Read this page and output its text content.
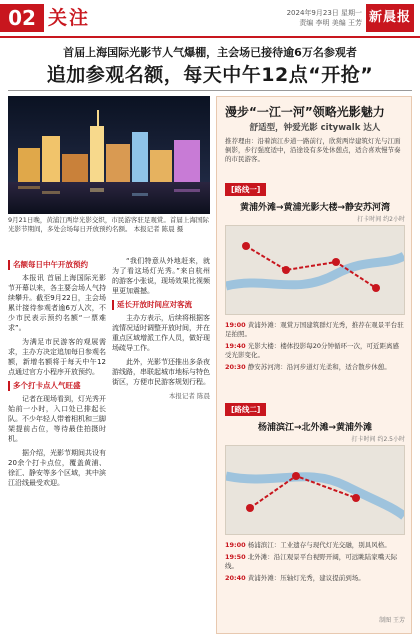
02 关注	2024年9月23日 星期一
责编 李明 美编 王芳 新晨报
首届上海国际光影节人气爆棚，主会场已接待逾6万名参观者
追加参观名额，每天中午12点“开抢”
9月21日晚，黄浦江两岸光影交织，市民游客驻足观赏。首届上海国际光影节期间，多处会场每日开放预约名额。 本报记者 陈晨 摄
名额每日中午开放预约

本报讯 首届上海国际光影节开幕以来，各主要会场人气持续攀升。截至9月22日，主会场累计接待参观者逾6万人次，不少市民表示预约名额“一票难求”。

为满足市民游客的观展需求，主办方决定追加每日参观名额，新增名额将于每天中午12点通过官方小程序开放预约。

多个打卡点人气旺盛

记者在现场看到，灯光秀开始前一小时，入口处已排起长队。不少年轻人带着相机和三脚架提前占位，等待最佳拍摄时机。

据介绍，光影节期间共设有20余个打卡点位，覆盖黄浦、徐汇、静安等多个区域，其中滨江沿线最受欢迎。

“我们特意从外地赶来，就为了看这场灯光秀。”来自杭州的游客小张说，现场效果比视频里更加震撼。

延长开放时间应对客流

主办方表示，后续将根据客流情况适时调整开放时间，并在重点区域增派工作人员，做好现场疏导工作。

此外，光影节还推出多条夜游线路，串联起城市地标与特色街区，方便市民游客规划行程。

本报记者 陈晨
漫步“一江一河”领略光影魅力
舒适型，钟爱光影 citywalk 达人
推荐理由：沿着滨江步道一路前行，欣赏两岸建筑灯光与江面倒影，步行强度适中，沿途设有多处休憩点，适合喜欢慢节奏的市民游客。
[路线一]
黄浦外滩→黄浦光影大楼→静安苏河湾
打卡时间 约2小时
19:00 黄浦外滩：观赏万国建筑群灯光秀，推荐在观景平台驻足拍照。
19:40 光影大楼：楼体投影每20分钟循环一次，可近距离感受光影变化。
20:30 静安苏河湾：沿河步道灯光柔和，适合散步休憩。
[路线二]
杨浦滨江→北外滩→黄浦外滩
打卡时间 约2.5小时
19:00 杨浦滨江：工业遗存与现代灯光交融，别具风格。
19:50 北外滩：沿江观景平台视野开阔，可远眺陆家嘴天际线。
20:40 黄浦外滩：压轴灯光秀，建议提前到场。
制图 王芳
